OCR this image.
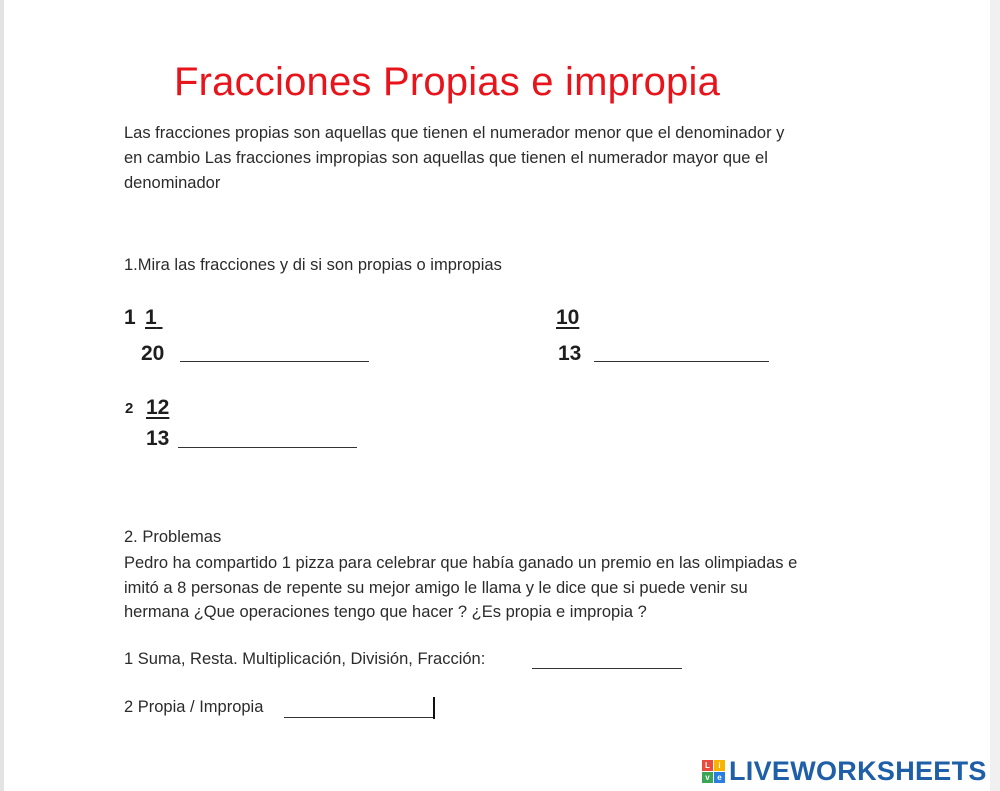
Fracciones Propias e impropia
Las fracciones propias son aquellas que tienen el numerador menor que el denominador y
en cambio Las fracciones impropias son aquellas que tienen el numerador mayor que el
denominador
1.Mira las fracciones y di si son propias o impropias
1 1
20
10
13
2 12
13
2. Problemas
Pedro ha compartido 1 pizza para celebrar que había ganado un premio en las olimpiadas e
imitó a 8 personas de repente su mejor amigo le llama y le dice que si puede venir su
hermana ¿Que operaciones tengo que hacer ? ¿Es propia e impropia ?
1 Suma, Resta. Multiplicación, División, Fracción:
2 Propia / Impropia
L	i
v e LIVEWORKSHEETS
